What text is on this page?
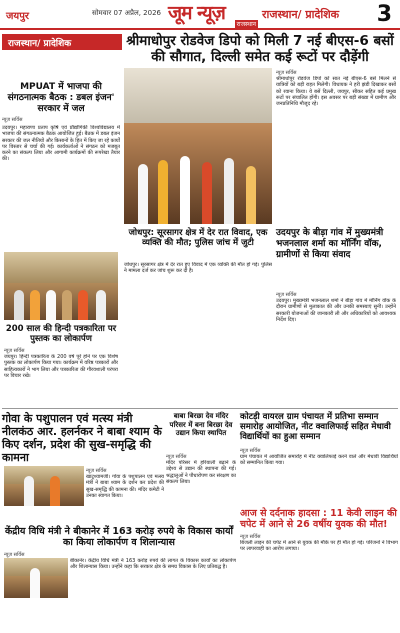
जयपुर	सोमवार 07 अप्रैल, 2026 जूम न्यूज़
राजस्थान
राजस्थान/ प्रादेशिक 3
राजस्थान/ प्रादेशिक	श्रीमाधोपुर रोडवेज डिपो को मिली 7 नई बीएस-6 बसों की सौगात, दिल्ली समेत कई रूटों पर दौड़ेंगी
MPUAT में भाजपा की संगठनात्मक बैठक : डबल इंजन' सरकार में जल
न्यूज़ सर्विस
उदयपुर। महाराणा प्रताप कृषि एवं प्रौद्योगिकी विश्वविद्यालय में भाजपा की संगठनात्मक बैठक आयोजित हुई। बैठक में डबल इंजन सरकार की जल नीतियों और किसानों के हित में किए जा रहे कार्यों पर विस्तार से चर्चा की गई। कार्यकर्ताओं ने संगठन को मजबूत करने का संकल्प लिया और आगामी कार्यक्रमों की रूपरेखा तैयार की।
200 साल की हिन्दी पत्रकारिता पर पुस्तक का लोकार्पण
न्यूज़ सर्विस
जयपुर। हिन्दी पत्रकारिता के 200 वर्ष पूरे होने पर एक विशेष पुस्तक का लोकार्पण किया गया। कार्यक्रम में वरिष्ठ पत्रकारों और साहित्यकारों ने भाग लिया और पत्रकारिता की गौरवशाली परंपरा पर विचार रखे।
न्यूज़ सर्विस
श्रीमाधोपुर रोडवेज डिपो को सात नई बीएस-6 बसें मिलने से यात्रियों को बड़ी राहत मिलेगी। विधायक ने हरी झंडी दिखाकर बसों को रवाना किया। ये बसें दिल्ली, जयपुर, सीकर सहित कई प्रमुख रूटों पर संचालित होंगी। इस अवसर पर बड़ी संख्या में ग्रामीण और जनप्रतिनिधि मौजूद रहे।
जोधपुर: सूरसागर क्षेत्र में देर रात विवाद, एक व्यक्ति की मौत; पुलिस जांच में जुटी
जोधपुर। सूरसागर क्षेत्र में देर रात हुए विवाद में एक व्यक्ति की मौत हो गई। पुलिस ने मामला दर्ज कर जांच शुरू कर दी है।
उदयपुर के बीड़ा गांव में मुख्यमंत्री भजनलाल शर्मा का मॉर्निंग वॉक, ग्रामीणों से किया संवाद
न्यूज़ सर्विस
उदयपुर। मुख्यमंत्री भजनलाल शर्मा ने बीड़ा गांव में मॉर्निंग वॉक के दौरान ग्रामीणों से मुलाकात की और उनकी समस्याएं सुनीं। उन्होंने सरकारी योजनाओं की जानकारी ली और अधिकारियों को आवश्यक निर्देश दिए।
गोवा के पशुपालन एवं मत्स्य मंत्री नीलकंठ आर. हलर्नकर ने बाबा श्याम के किए दर्शन, प्रदेश की सुख-समृद्धि की कामना
न्यूज़ सर्विस
खाटूश्यामजी। गोवा के पशुपालन एवं मत्स्य मंत्री ने बाबा श्याम के दर्शन कर प्रदेश की सुख-समृद्धि की कामना की। मंदिर कमेटी ने उनका स्वागत किया।
बाबा बिरछा देव मंदिर परिसर में बना बिरछा देव उद्यान किया स्थापित
न्यूज़ सर्विस
मंदिर परिसर में हरियाली बढ़ाने के उद्देश्य से उद्यान की स्थापना की गई। श्रद्धालुओं ने पौधारोपण कर संरक्षण का संकल्प लिया।
कोटड़ी वायरल ग्राम पंचायत में प्रतिभा सम्मान समारोह आयोजित, नीट क्वालिफाई सहित मेधावी विद्यार्थियों का हुआ सम्मान
न्यूज़ सर्विस
ग्राम पंचायत में आयोजित समारोह में नीट क्वालिफाई करने वाले और मेधावी विद्यार्थियों को सम्मानित किया गया।
आज से दर्दनाक हादसा : 11 केवी लाइन की चपेट में आने से 26 वर्षीय युवक की मौत!
न्यूज़ सर्विस
बिजली लाइन की चपेट में आने से युवक की मौके पर ही मौत हो गई। परिजनों ने विभाग पर लापरवाही का आरोप लगाया।
केंद्रीय विधि मंत्री ने बीकानेर में 163 करोड़ रुपये के विकास कार्यों का किया लोकार्पण व शिलान्यास
न्यूज़ सर्विस
बीकानेर। केंद्रीय विधि मंत्री ने 163 करोड़ रुपये की लागत के विकास कार्यों का लोकार्पण और शिलान्यास किया। उन्होंने कहा कि सरकार क्षेत्र के समग्र विकास के लिए प्रतिबद्ध है।
